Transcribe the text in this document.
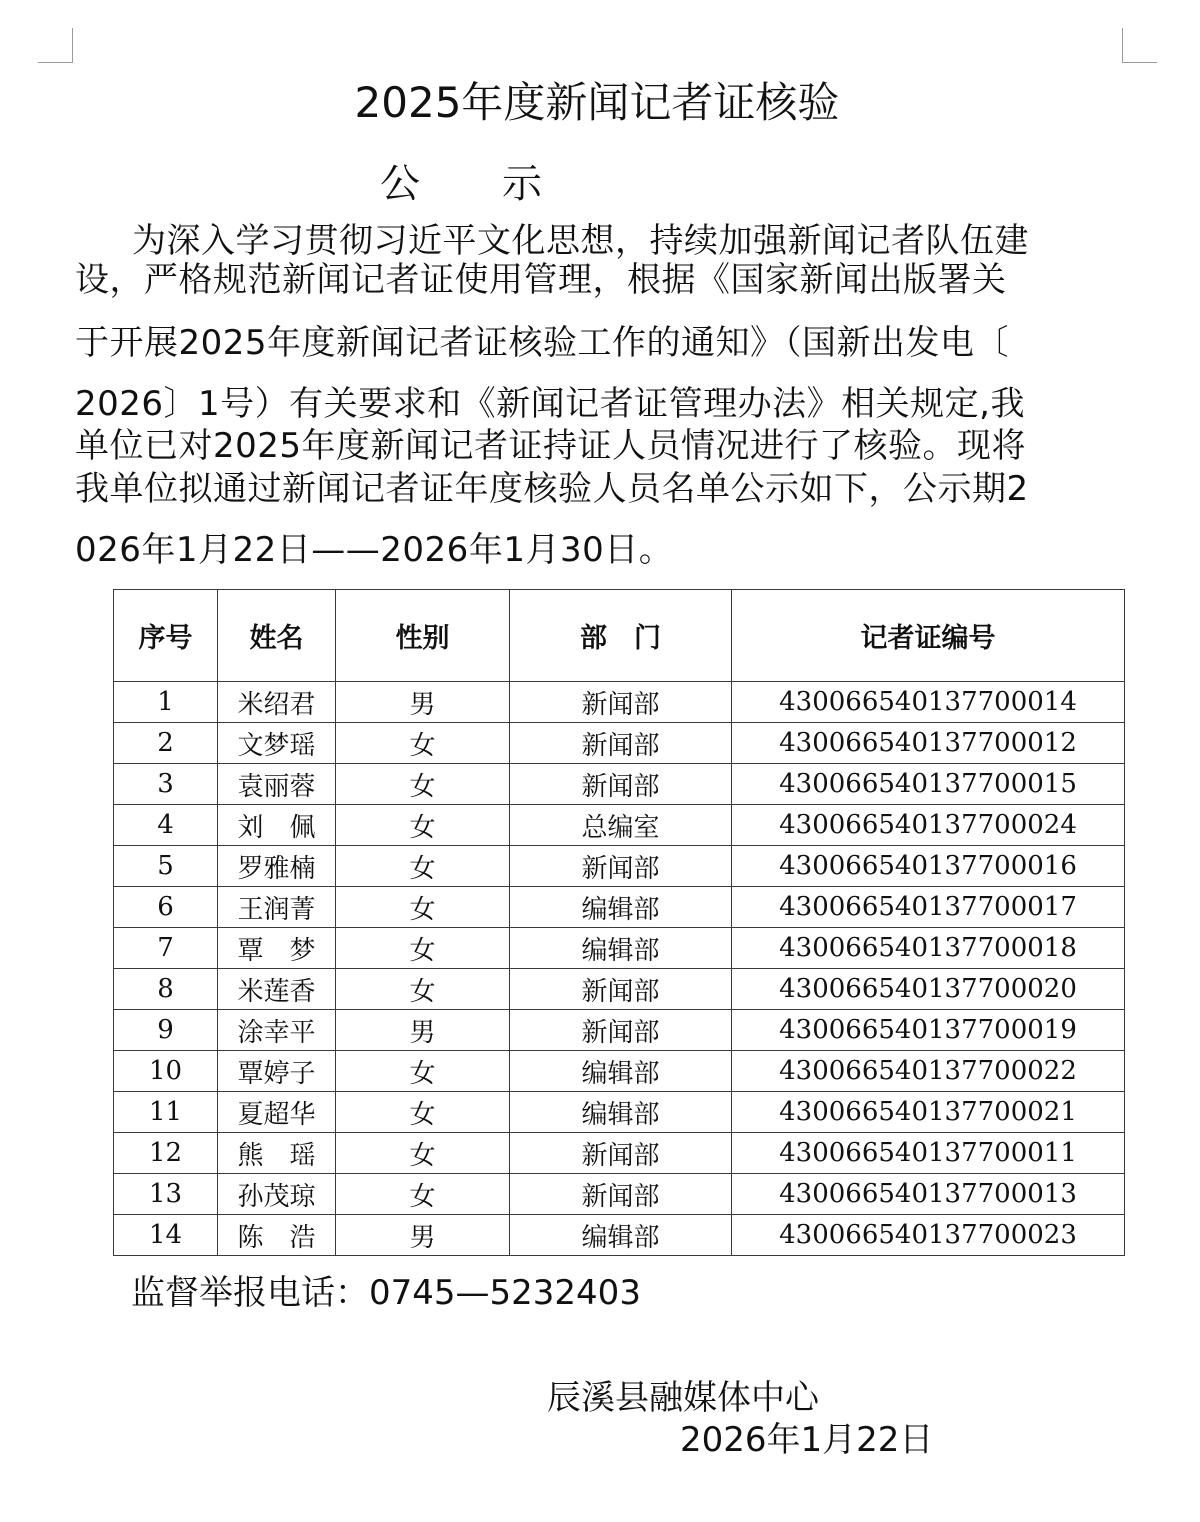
2025年度新闻记者证核验
公示
为深入学习贯彻习近平文化思想，持续加强新闻记者队伍建
设，严格规范新闻记者证使用管理，根据《国家新闻出版署关
于开展2025年度新闻记者证核验工作的通知》（国新出发电〔
2026〕1号）有关要求和《新闻记者证管理办法》相关规定,我
单位已对2025年度新闻记者证持证人员情况进行了核验。现将
我单位拟通过新闻记者证年度核验人员名单公示如下，公示期2
026年1月22日——2026年1月30日。
序号	姓名	性别	部　门	记者证编号
1	米绍君	男	新闻部	430066540137700014
2	文梦瑶	女	新闻部	430066540137700012
3	袁丽蓉	女	新闻部	430066540137700015
4	刘　佩	女	总编室	430066540137700024
5	罗雅楠	女	新闻部	430066540137700016
6	王润菁	女	编辑部	430066540137700017
7	覃　梦	女	编辑部	430066540137700018
8	米莲香	女	新闻部	430066540137700020
9	涂幸平	男	新闻部	430066540137700019
10	覃婷子	女	编辑部	430066540137700022
11	夏超华	女	编辑部	430066540137700021
12	熊　瑶	女	新闻部	430066540137700011
13	孙茂琼	女	新闻部	430066540137700013
14	陈　浩	男	编辑部	430066540137700023
监督举报电话：0745—5232403
辰溪县融媒体中心
2026年1月22日
